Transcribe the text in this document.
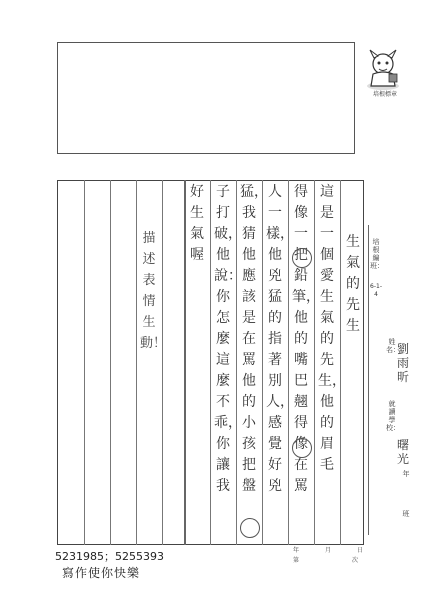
培根標章
生氣的先生
這是一個愛生氣的先生，他的眉毛
得像一把鉛筆，他的嘴巴翹得像在罵
人一樣，他兇猛的指著別人，感覺好兇
猛，我猜他應該是在罵他的小孩把盤
子打破，他說：你怎麼這麼不乖，你讓我
好生氣喔
描述表情生動！
培根編班：
6-1-4
姓名：
劉雨昕
就讀學校：
曙光
年
班
年	月	日
第	次
5231985；5255393
寫作使你快樂
